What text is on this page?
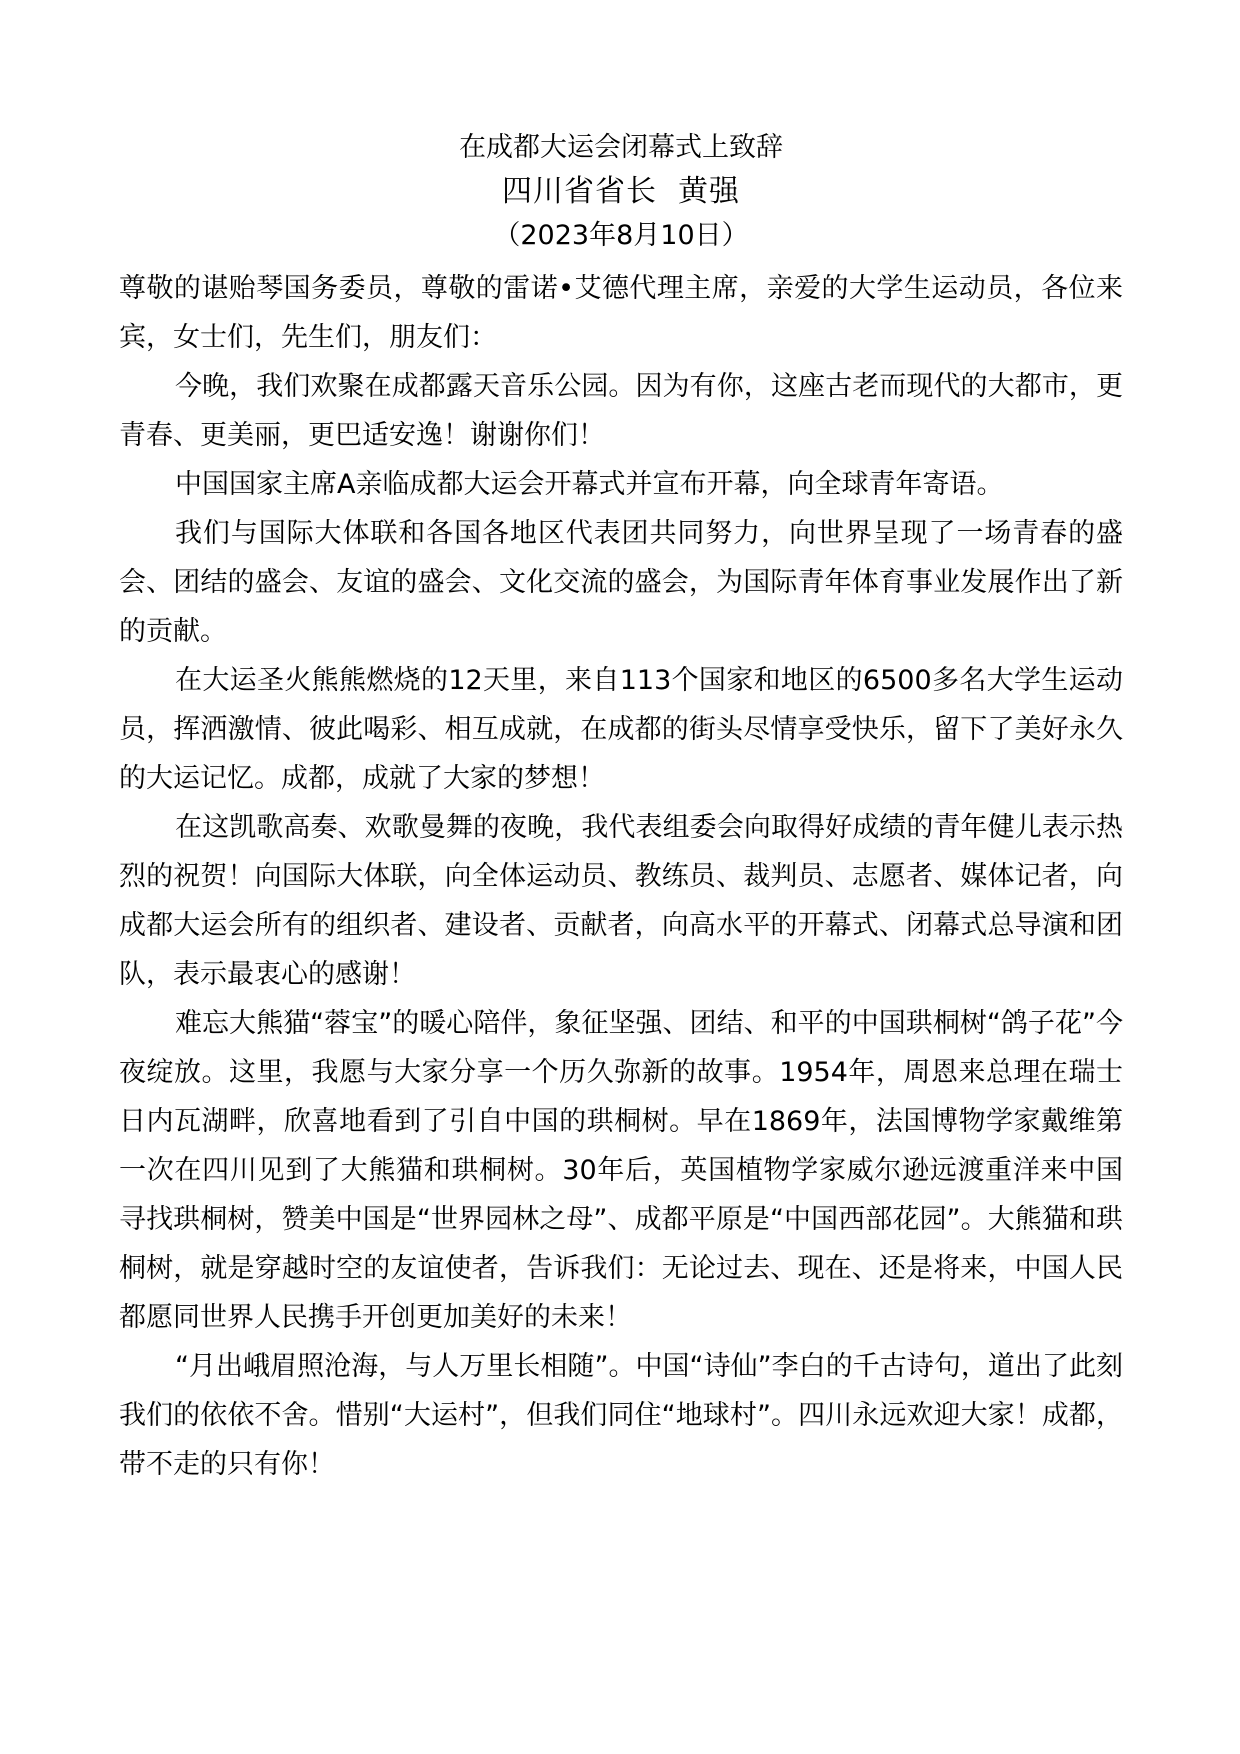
在成都大运会闭幕式上致辞

四川省省长  黄强

（2023年8月10日）

尊敬的谌贻琴国务委员，尊敬的雷诺•艾德代理主席，亲爱的大学生运动员，各位来宾，女士们，先生们，朋友们：

今晚，我们欢聚在成都露天音乐公园。因为有你，这座古老而现代的大都市，更青春、更美丽，更巴适安逸！谢谢你们！

中国国家主席A亲临成都大运会开幕式并宣布开幕，向全球青年寄语。

我们与国际大体联和各国各地区代表团共同努力，向世界呈现了一场青春的盛会、团结的盛会、友谊的盛会、文化交流的盛会，为国际青年体育事业发展作出了新的贡献。

在大运圣火熊熊燃烧的12天里，来自113个国家和地区的6500多名大学生运动员，挥洒激情、彼此喝彩、相互成就，在成都的街头尽情享受快乐，留下了美好永久的大运记忆。成都，成就了大家的梦想！

在这凯歌高奏、欢歌曼舞的夜晚，我代表组委会向取得好成绩的青年健儿表示热烈的祝贺！向国际大体联，向全体运动员、教练员、裁判员、志愿者、媒体记者，向成都大运会所有的组织者、建设者、贡献者，向高水平的开幕式、闭幕式总导演和团队，表示最衷心的感谢！

难忘大熊猫“蓉宝”的暖心陪伴，象征坚强、团结、和平的中国珙桐树“鸽子花”今夜绽放。这里，我愿与大家分享一个历久弥新的故事。1954年，周恩来总理在瑞士日内瓦湖畔，欣喜地看到了引自中国的珙桐树。早在1869年，法国博物学家戴维第一次在四川见到了大熊猫和珙桐树。30年后，英国植物学家威尔逊远渡重洋来中国寻找珙桐树，赞美中国是“世界园林之母”、成都平原是“中国西部花园”。大熊猫和珙桐树，就是穿越时空的友谊使者，告诉我们：无论过去、现在、还是将来，中国人民都愿同世界人民携手开创更加美好的未来！

“月出峨眉照沧海，与人万里长相随”。中国“诗仙”李白的千古诗句，道出了此刻我们的依依不舍。惜别“大运村”，但我们同住“地球村”。四川永远欢迎大家！成都，带不走的只有你！
